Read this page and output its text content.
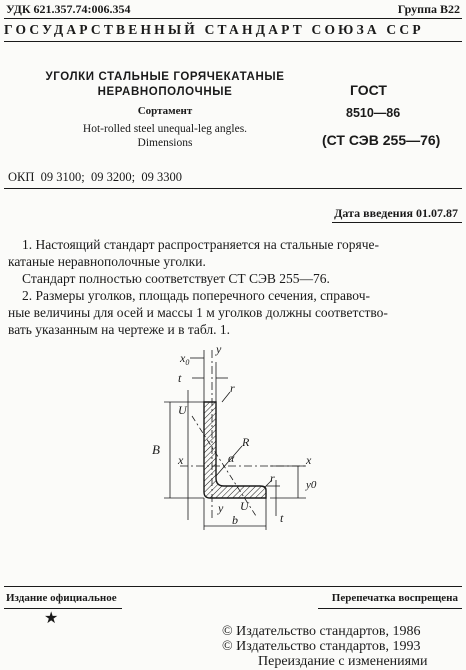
УДК 621.357.74:006.354	Группа В22
ГОСУДАРСТВЕННЫЙ СТАНДАРТ СОЮЗА ССР
УГОЛКИ СТАЛЬНЫЕ ГОРЯЧЕКАТАНЫЕ
НЕРАВНОПОЛОЧНЫЕ
Сортамент
Hot-rolled steel unequal-leg angles.
Dimensions
ГОСТ
8510—86
(СТ СЭВ 255—76)
ОКП 09 3100; 09 3200; 09 3300
Дата введения 01.07.87
1. Настоящий стандарт распространяется на стальные горяче-
катаные неравнополочные уголки.
Стандарт полностью соответствует СТ СЭВ 255—76.
2. Размеры уголков, площадь поперечного сечения, справоч-
ные величины для осей и массы 1 м уголков должны соответство-
вать указанным на чертеже и в табл. 1.
$x_0$
y
t
r
U
B
x	x
y0
R
α
U
y
b
r
t
Издание официальное	Перепечатка воспрещена
★
© Издательство стандартов, 1986
© Издательство стандартов, 1993
Переиздание с изменениями
